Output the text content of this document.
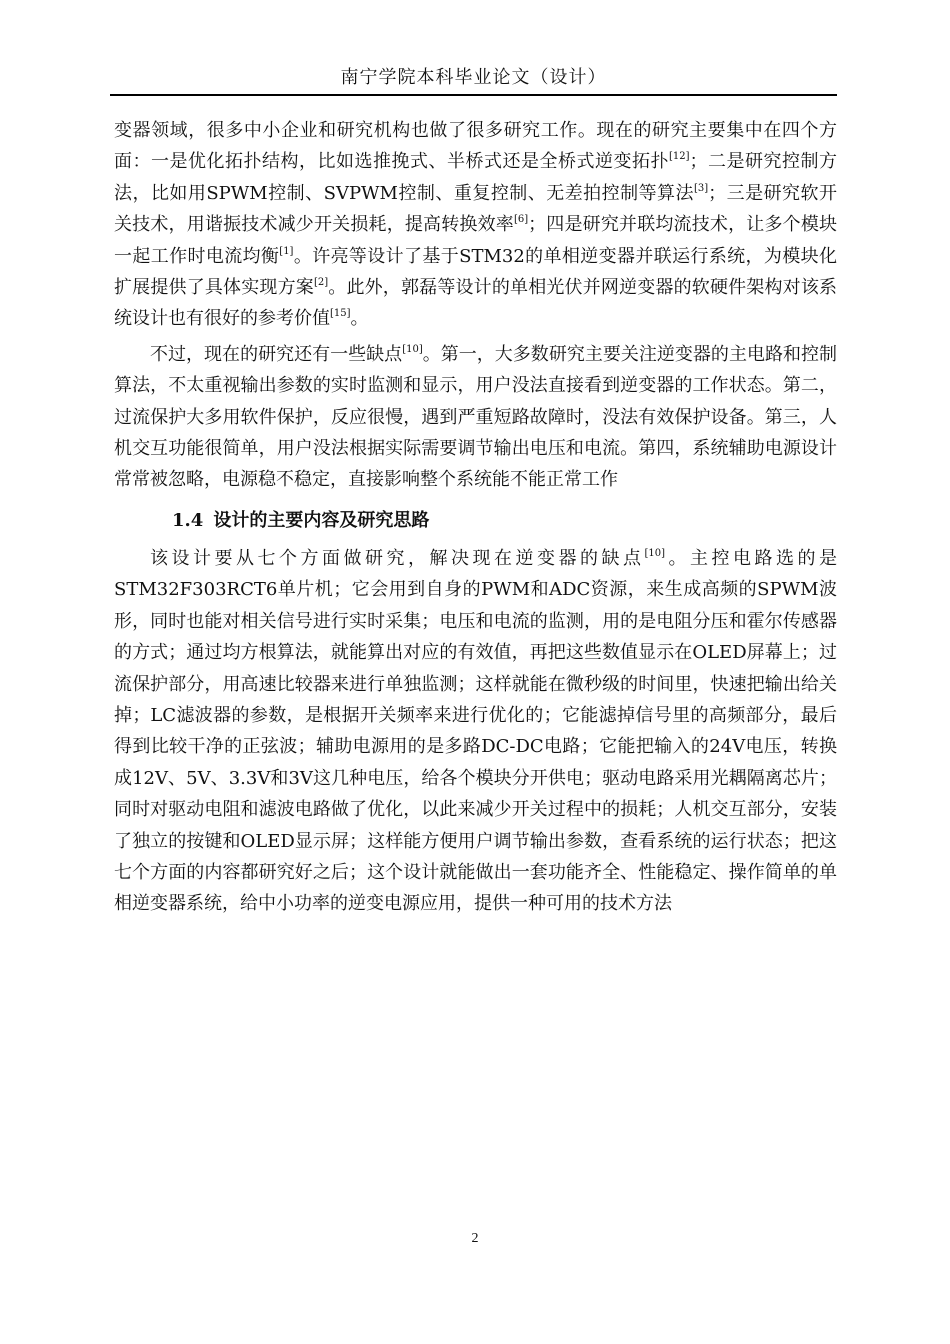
南宁学院本科毕业论文（设计）

变器领域，很多中小企业和研究机构也做了很多研究工作。现在的研究主要集中在四个方面：一是优化拓扑结构，比如选推挽式、半桥式还是全桥式逆变拓扑[12]；二是研究控制方法，比如用SPWM控制、SVPWM控制、重复控制、无差拍控制等算法[3]；三是研究软开关技术，用谐振技术减少开关损耗，提高转换效率[6]；四是研究并联均流技术，让多个模块一起工作时电流均衡[1]。许亮等设计了基于STM32的单相逆变器并联运行系统，为模块化扩展提供了具体实现方案[2]。此外，郭磊等设计的单相光伏并网逆变器的软硬件架构对该系统设计也有很好的参考价值[15]。

不过，现在的研究还有一些缺点[10]。第一，大多数研究主要关注逆变器的主电路和控制算法，不太重视输出参数的实时监测和显示，用户没法直接看到逆变器的工作状态。第二，过流保护大多用软件保护，反应很慢，遇到严重短路故障时，没法有效保护设备。第三，人机交互功能很简单，用户没法根据实际需要调节输出电压和电流。第四，系统辅助电源设计常常被忽略，电源稳不稳定，直接影响整个系统能不能正常工作

1.4 设计的主要内容及研究思路

该设计要从七个方面做研究，解决现在逆变器的缺点[10]。主控电路选的是STM32F303RCT6单片机；它会用到自身的PWM和ADC资源，来生成高频的SPWM波形，同时也能对相关信号进行实时采集；电压和电流的监测，用的是电阻分压和霍尔传感器的方式；通过均方根算法，就能算出对应的有效值，再把这些数值显示在OLED屏幕上；过流保护部分，用高速比较器来进行单独监测；这样就能在微秒级的时间里，快速把输出给关掉；LC滤波器的参数，是根据开关频率来进行优化的；它能滤掉信号里的高频部分，最后得到比较干净的正弦波；辅助电源用的是多路DC-DC电路；它能把输入的24V电压，转换成12V、5V、3.3V和3V这几种电压，给各个模块分开供电；驱动电路采用光耦隔离芯片；同时对驱动电阻和滤波电路做了优化，以此来减少开关过程中的损耗；人机交互部分，安装了独立的按键和OLED显示屏；这样能方便用户调节输出参数，查看系统的运行状态；把这七个方面的内容都研究好之后；这个设计就能做出一套功能齐全、性能稳定、操作简单的单相逆变器系统，给中小功率的逆变电源应用，提供一种可用的技术方法

2
